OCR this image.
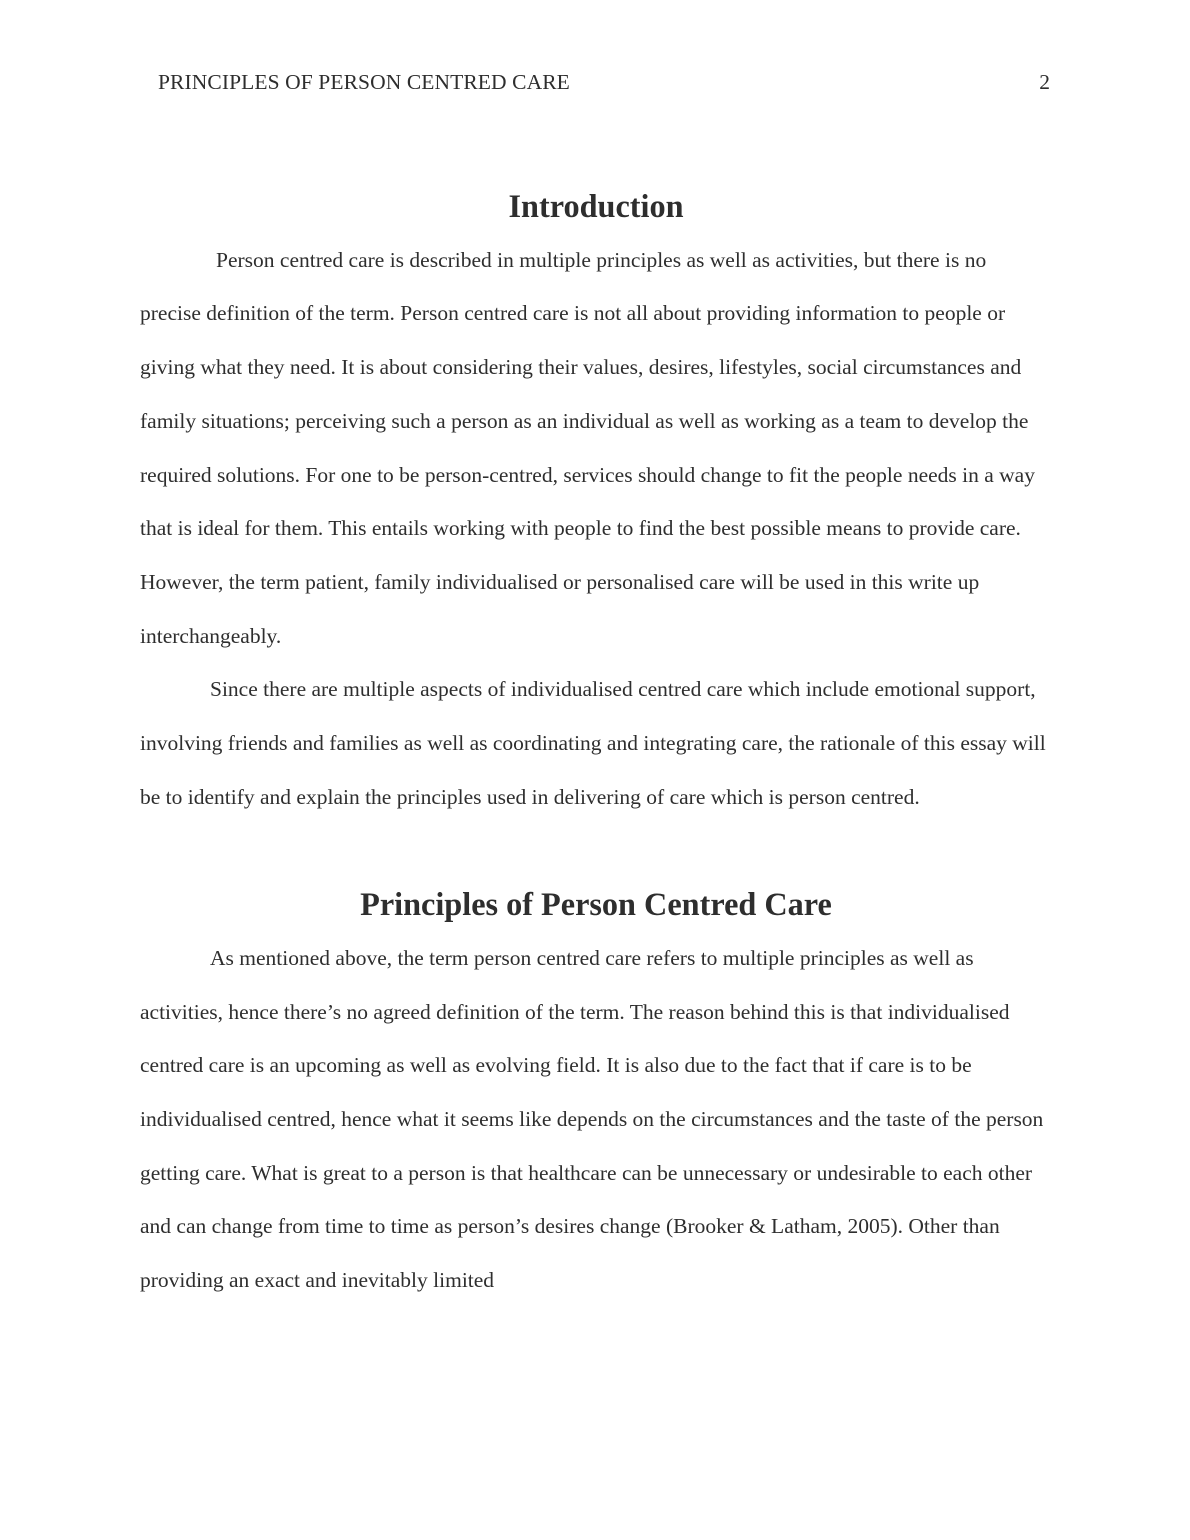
PRINCIPLES OF PERSON CENTRED CARE	2
Introduction

Person centred care is described in multiple principles as well as activities, but there is no precise definition of the term. Person centred care is not all about providing information to people or giving what they need. It is about considering their values, desires, lifestyles, social circumstances and family situations; perceiving such a person as an individual as well as working as a team to develop the required solutions. For one to be person-centred, services should change to fit the people needs in a way that is ideal for them. This entails working with people to find the best possible means to provide care. However, the term patient, family individualised or personalised care will be used in this write up interchangeably.

Since there are multiple aspects of individualised centred care which include emotional support, involving friends and families as well as coordinating and integrating care, the rationale of this essay will be to identify and explain the principles used in delivering of care which is person centred.

Principles of Person Centred Care

As mentioned above, the term person centred care refers to multiple principles as well as activities, hence there’s no agreed definition of the term. The reason behind this is that individualised centred care is an upcoming as well as evolving field. It is also due to the fact that if care is to be individualised centred, hence what it seems like depends on the circumstances and the taste of the person getting care. What is great to a person is that healthcare can be unnecessary or undesirable to each other and can change from time to time as person’s desires change (Brooker & Latham, 2005). Other than providing an exact and inevitably limited
